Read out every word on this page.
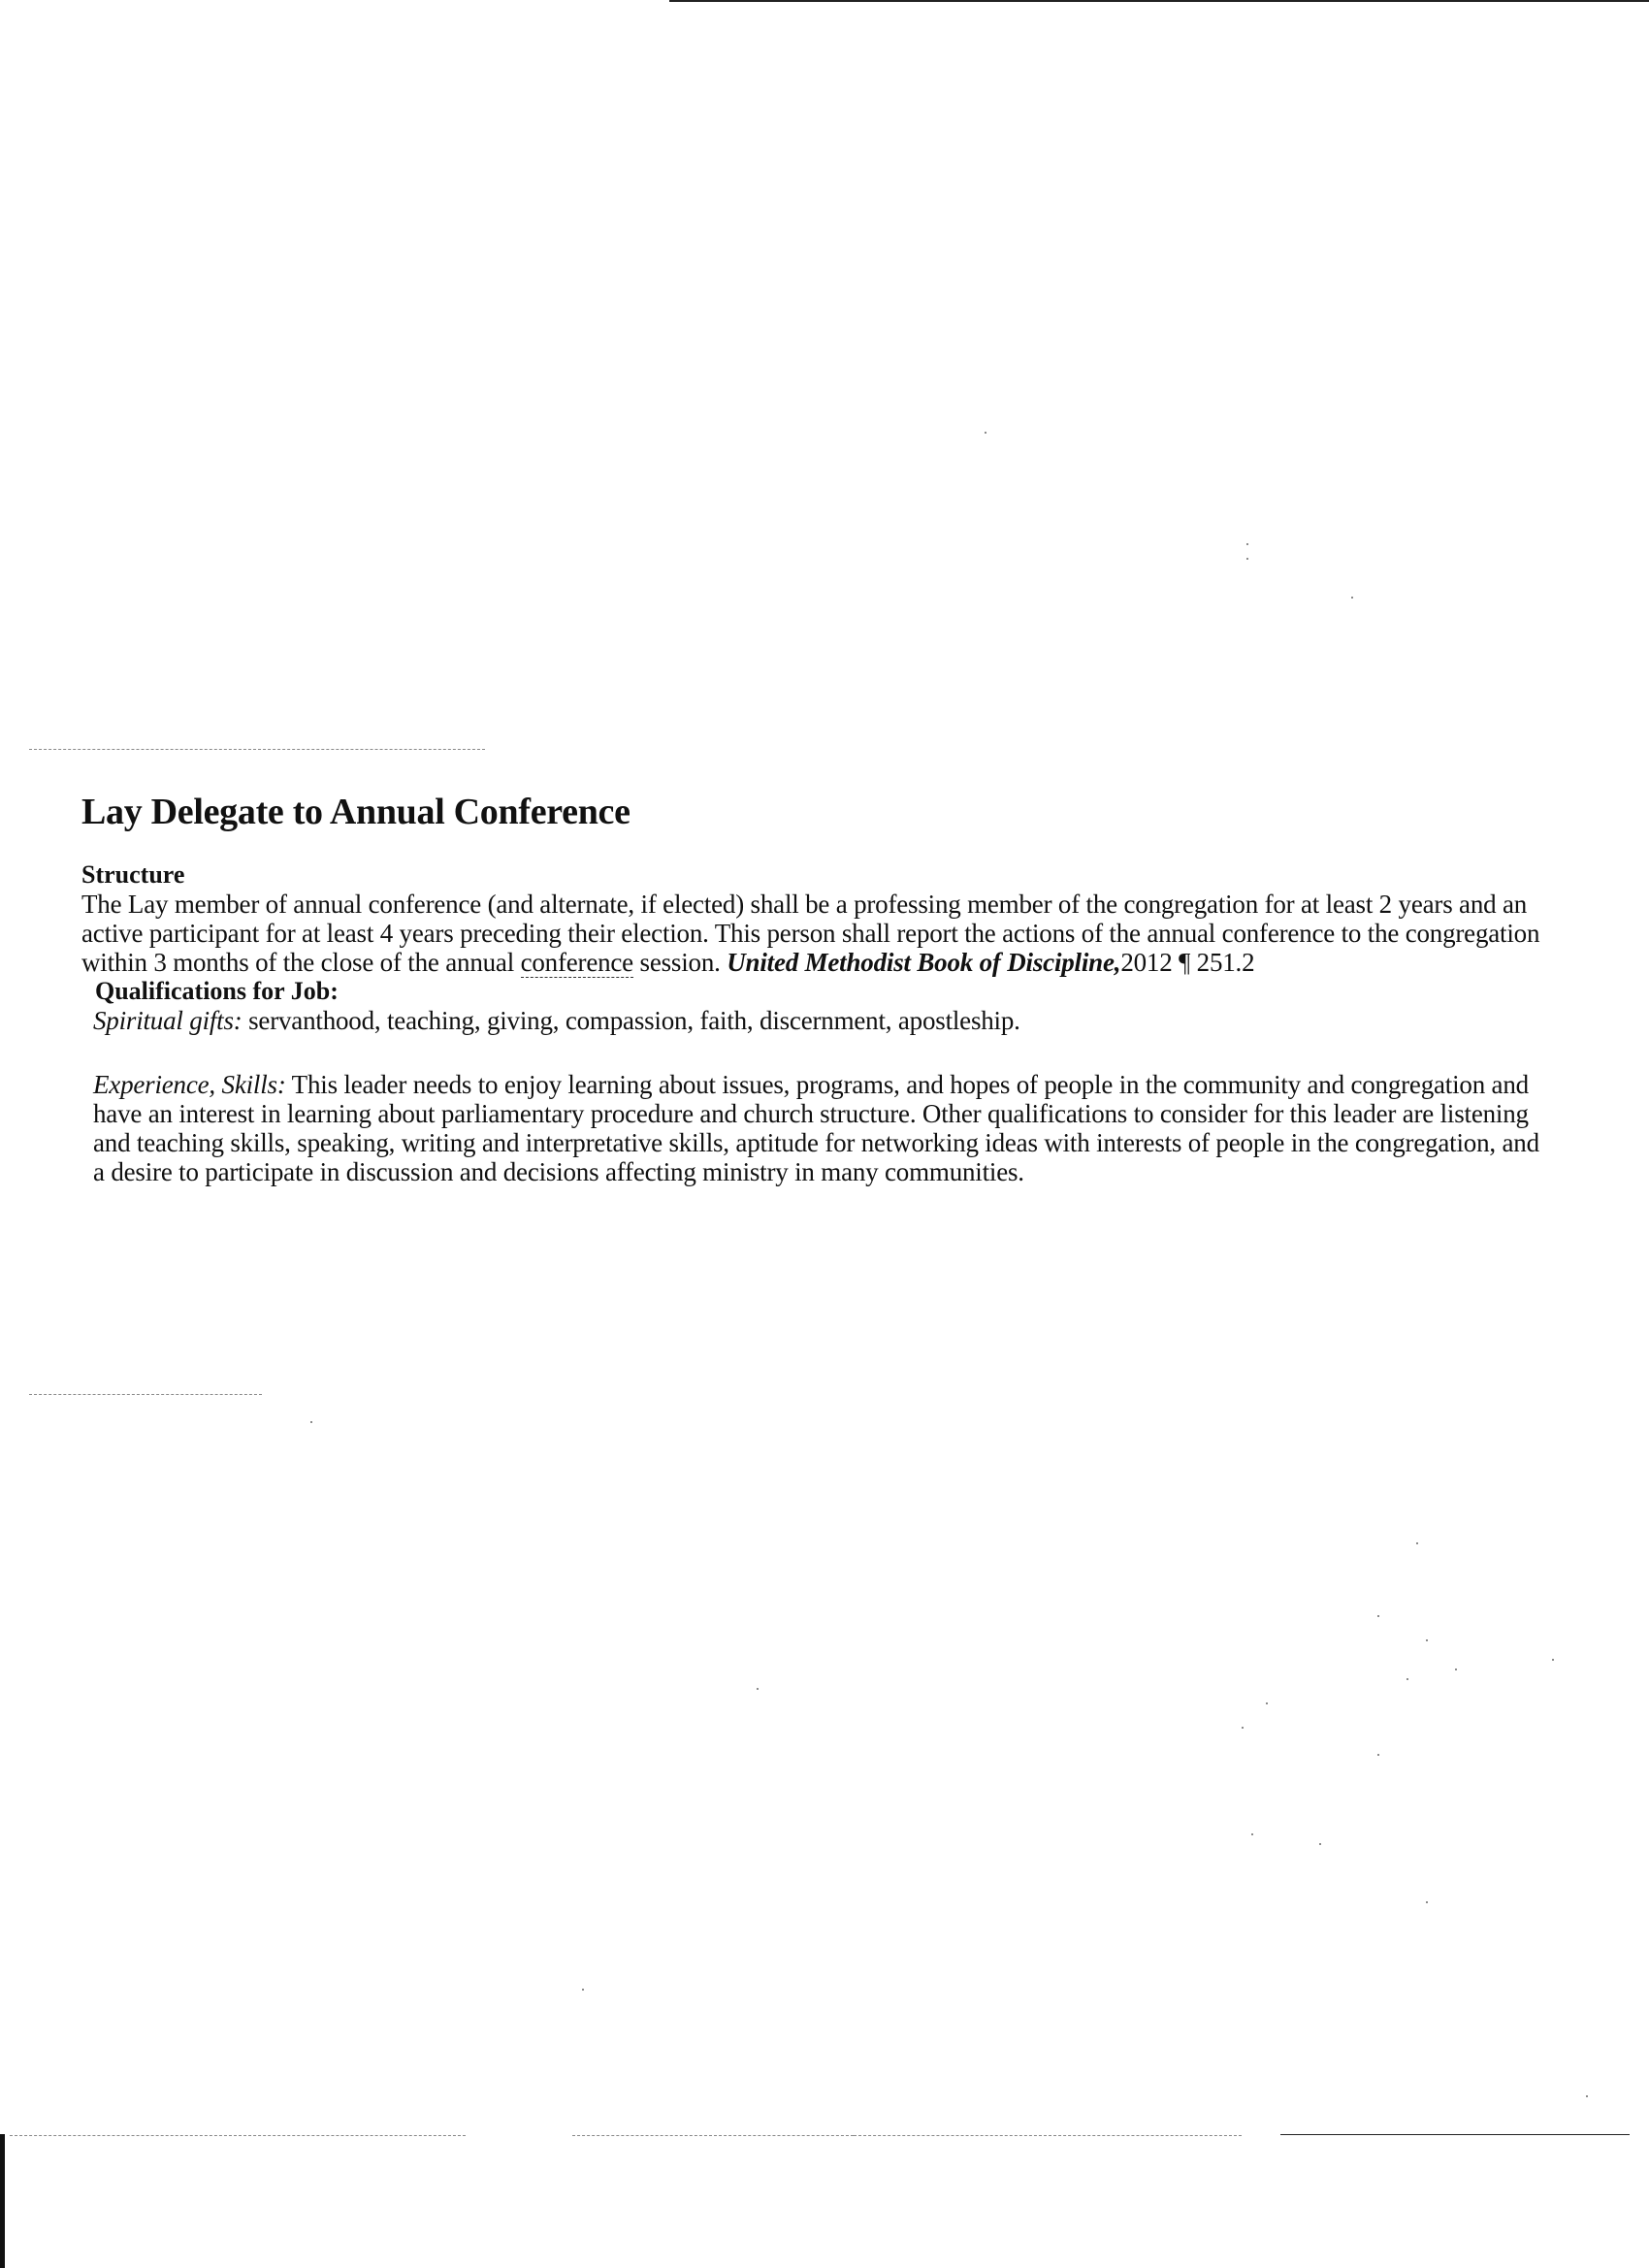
Lay Delegate to Annual Conference
Structure

The Lay member of annual conference (and alternate, if elected) shall be a professing member of the congregation for at least 2 years and an active participant for at least 4 years preceding their election. This person shall report the actions of the annual conference to the congregation within 3 months of the close of the annual conference session. United Methodist Book of Discipline,2012 ¶ 251.2

Qualifications for Job:

Spiritual gifts: servanthood, teaching, giving, compassion, faith, discernment, apostleship.

Experience, Skills: This leader needs to enjoy learning about issues, programs, and hopes of people in the community and congregation and have an interest in learning about parliamentary procedure and church structure. Other qualifications to consider for this leader are listening and teaching skills, speaking, writing and interpretative skills, aptitude for networking ideas with interests of people in the congregation, and a desire to participate in discussion and decisions affecting ministry in many communities.
